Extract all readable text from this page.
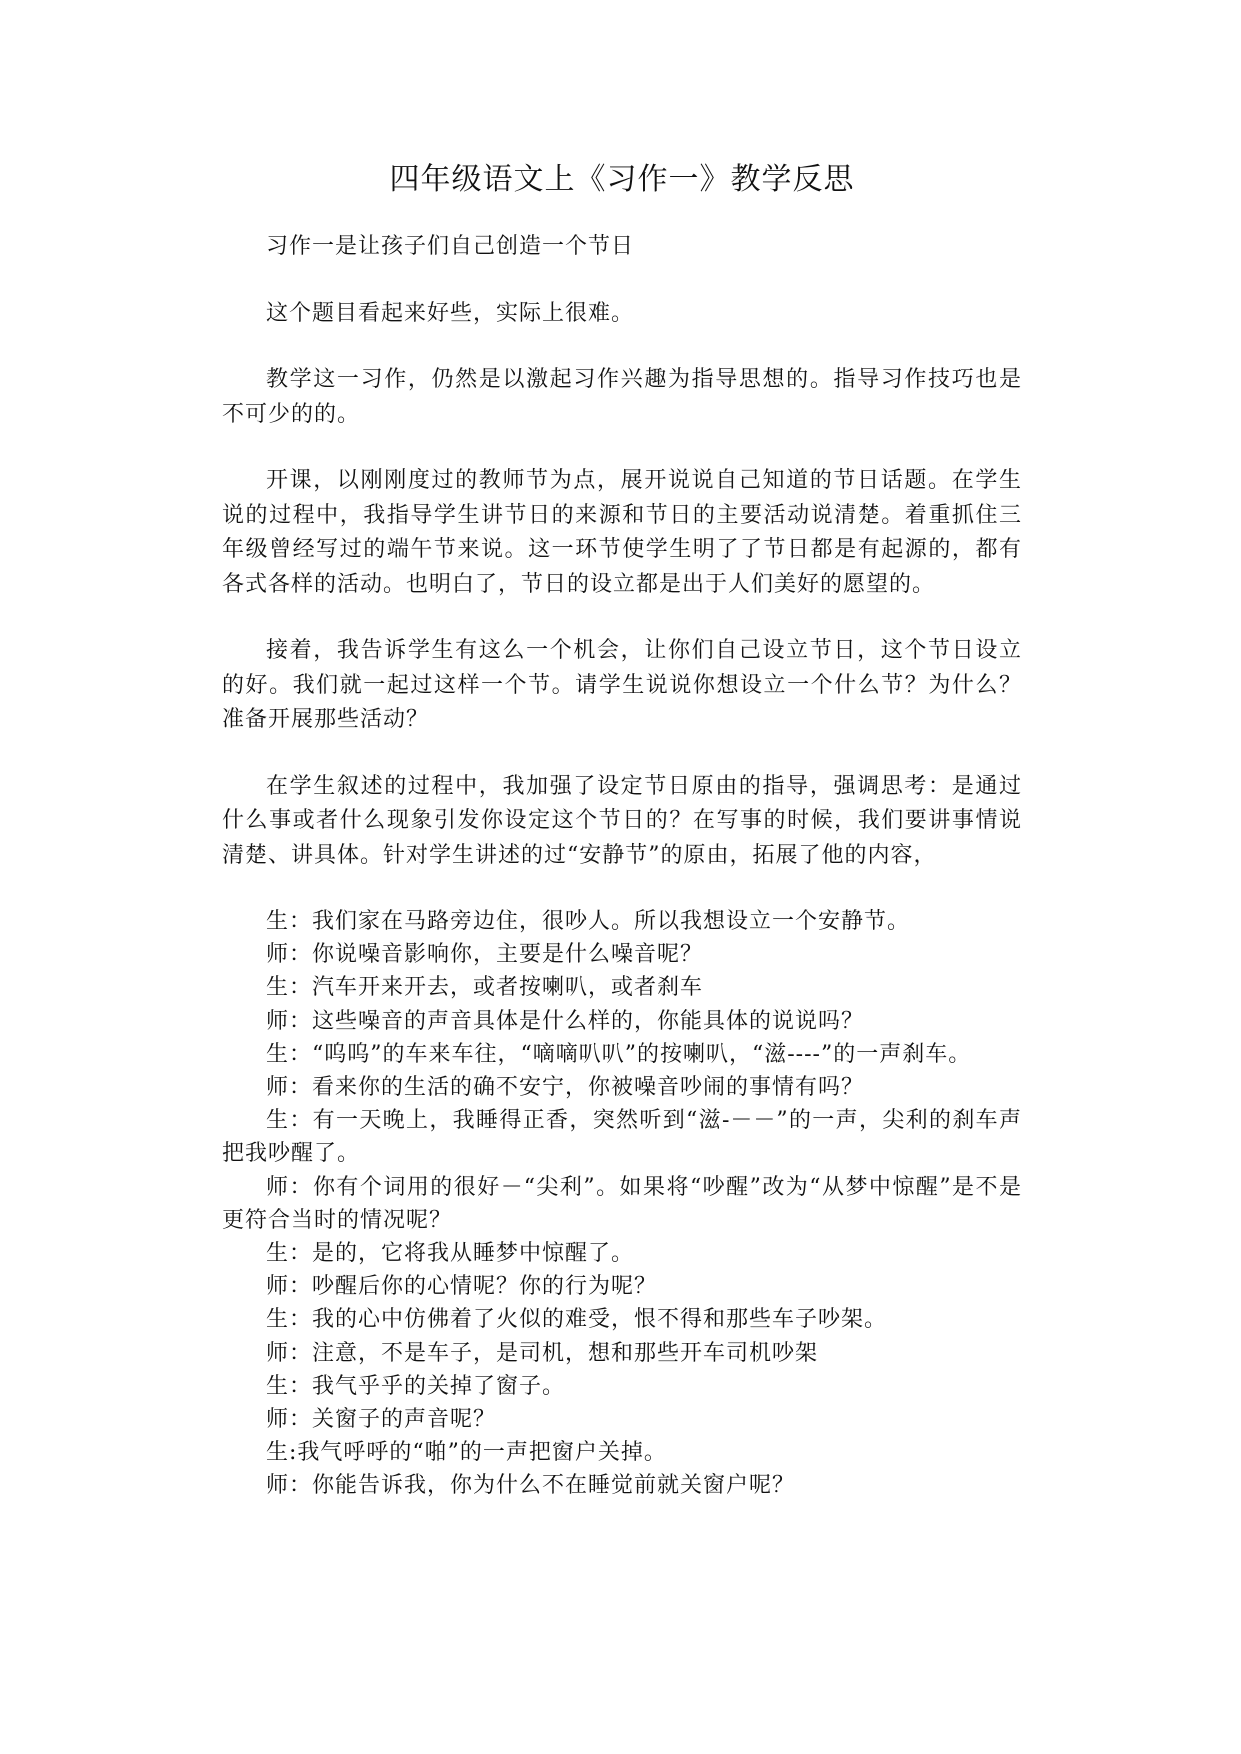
四年级语文上《习作一》教学反思

习作一是让孩子们自己创造一个节日

这个题目看起来好些，实际上很难。

教学这一习作，仍然是以激起习作兴趣为指导思想的。指导习作技巧也是不可少的的。

开课，以刚刚度过的教师节为点，展开说说自己知道的节日话题。在学生说的过程中，我指导学生讲节日的来源和节日的主要活动说清楚。着重抓住三年级曾经写过的端午节来说。这一环节使学生明了了节日都是有起源的，都有各式各样的活动。也明白了，节日的设立都是出于人们美好的愿望的。

接着，我告诉学生有这么一个机会，让你们自己设立节日，这个节日设立的好。我们就一起过这样一个节。请学生说说你想设立一个什么节？为什么？准备开展那些活动？

在学生叙述的过程中，我加强了设定节日原由的指导，强调思考：是通过什么事或者什么现象引发你设定这个节日的？在写事的时候，我们要讲事情说清楚、讲具体。针对学生讲述的过“安静节”的原由，拓展了他的内容，

生：我们家在马路旁边住，很吵人。所以我想设立一个安静节。

师：你说噪音影响你，主要是什么噪音呢？

生：汽车开来开去，或者按喇叭，或者刹车

师：这些噪音的声音具体是什么样的，你能具体的说说吗？

生：“呜呜”的车来车往，“嘀嘀叭叭”的按喇叭，“滋----”的一声刹车。

师：看来你的生活的确不安宁，你被噪音吵闹的事情有吗？

生：有一天晚上，我睡得正香，突然听到“滋-－－”的一声，尖利的刹车声把我吵醒了。

师：你有个词用的很好－“尖利”。如果将“吵醒”改为“从梦中惊醒”是不是更符合当时的情况呢？

生：是的，它将我从睡梦中惊醒了。

师：吵醒后你的心情呢？你的行为呢？

生：我的心中仿佛着了火似的难受，恨不得和那些车子吵架。

师：注意，不是车子，是司机，想和那些开车司机吵架

生：我气乎乎的关掉了窗子。

师：关窗子的声音呢？

生:我气呼呼的“啪”的一声把窗户关掉。

师：你能告诉我，你为什么不在睡觉前就关窗户呢？
